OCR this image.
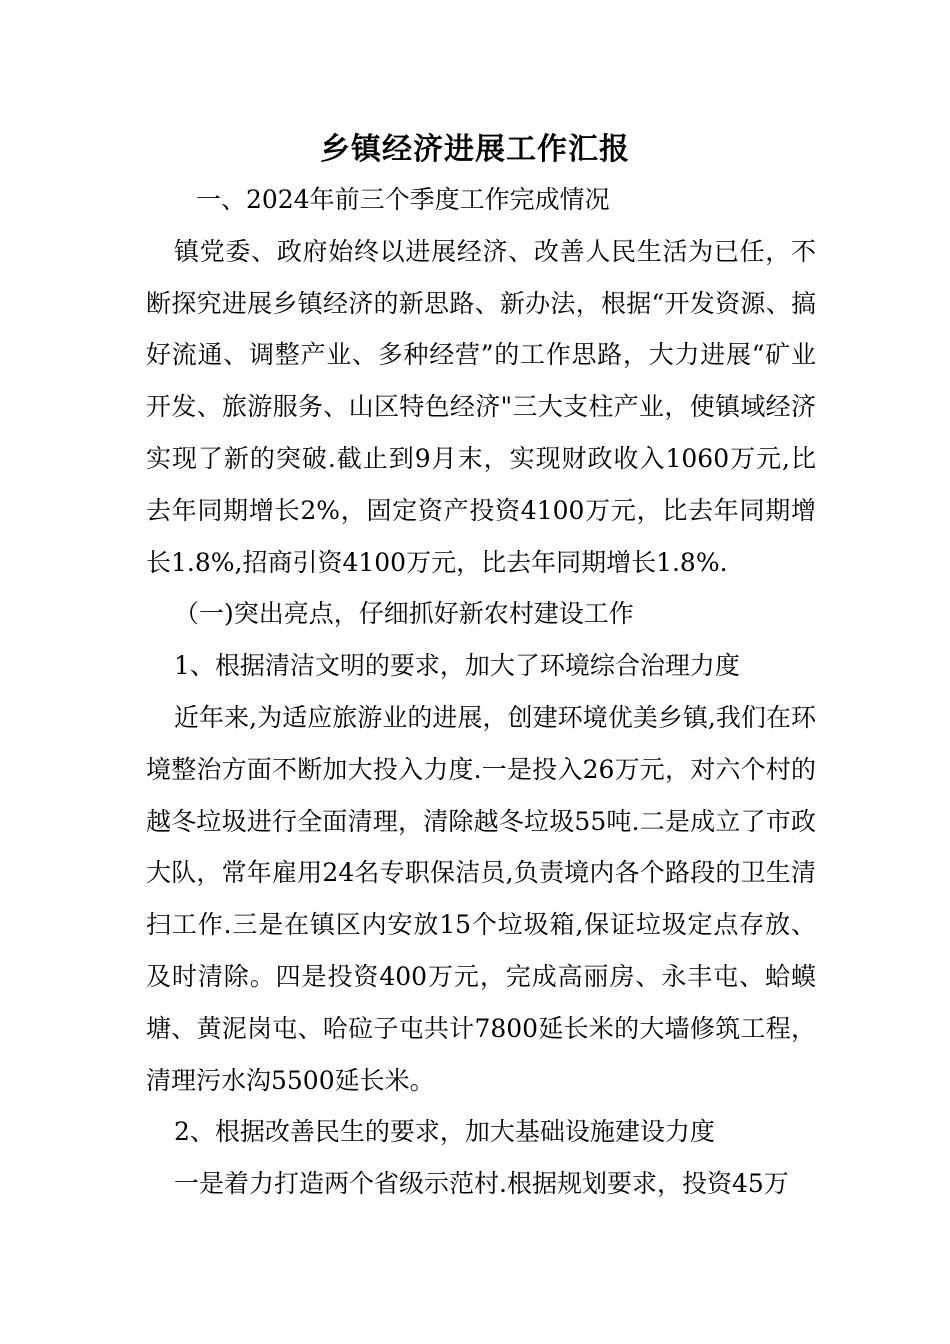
乡镇经济进展工作汇报

一、2024年前三个季度工作完成情况

镇党委、政府始终以进展经济、改善人民生活为已任，不断探究进展乡镇经济的新思路、新办法，根据“开发资源、搞好流通、调整产业、多种经营”的工作思路，大力进展“矿业开发、旅游服务、山区特色经济"三大支柱产业，使镇域经济实现了新的突破.截止到9月末，实现财政收入1060万元,比去年同期增长2%，固定资产投资4100万元，比去年同期增长1.8%,招商引资4100万元，比去年同期增长1.8%.

（一)突出亮点，仔细抓好新农村建设工作

1、根据清洁文明的要求，加大了环境综合治理力度

近年来,为适应旅游业的进展，创建环境优美乡镇,我们在环境整治方面不断加大投入力度.一是投入26万元，对六个村的越冬垃圾进行全面清理，清除越冬垃圾55吨.二是成立了市政大队，常年雇用24名专职保洁员,负责境内各个路段的卫生清扫工作.三是在镇区内安放15个垃圾箱,保证垃圾定点存放、及时清除。四是投资400万元，完成高丽房、永丰屯、蛤蟆塘、黄泥岗屯、哈砬子屯共计7800延长米的大墙修筑工程，清理污水沟5500延长米。

2、根据改善民生的要求，加大基础设施建设力度

一是着力打造两个省级示范村.根据规划要求，投资45万
